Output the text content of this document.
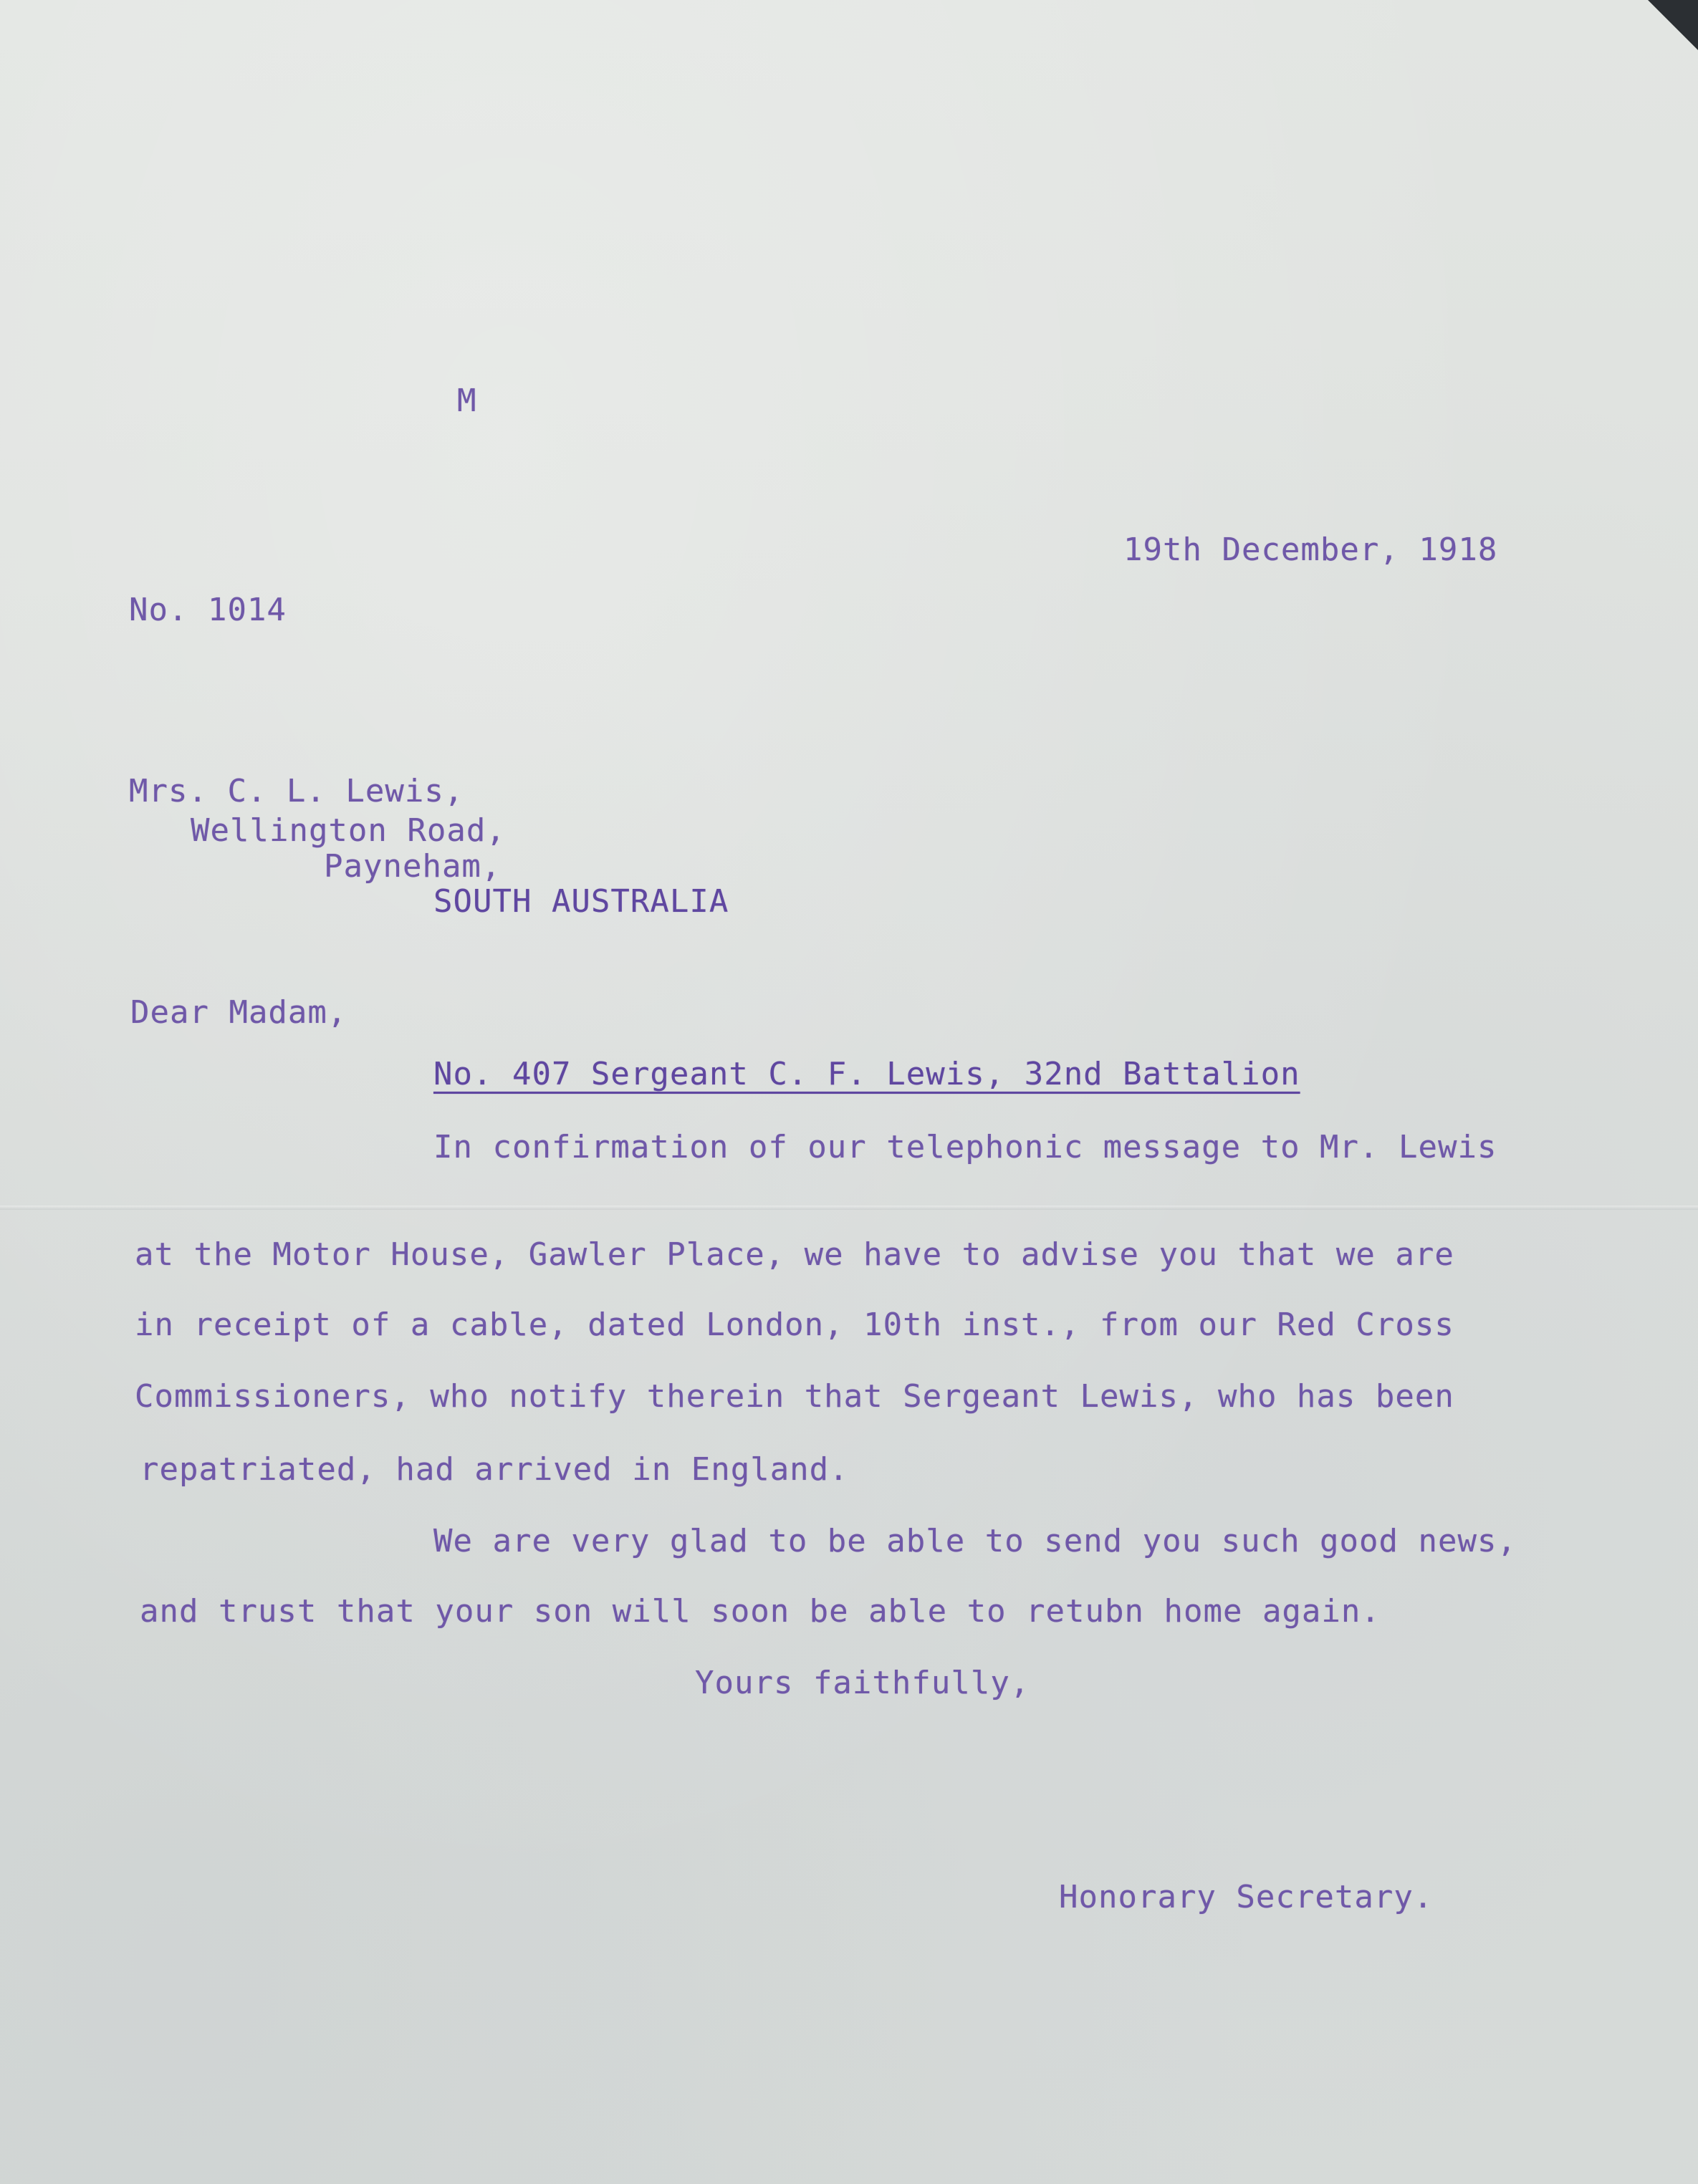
M

19th December, 1918

No. 1014

Mrs. C. L. Lewis,

Wellington Road,

Payneham,

SOUTH AUSTRALIA

Dear Madam,

No. 407 Sergeant C. F. Lewis, 32nd Battalion

In confirmation of our telephonic message to Mr. Lewis

at the Motor House, Gawler Place, we have to advise you that we are

in receipt of a cable, dated London, 10th inst., from our Red Cross

Commissioners, who notify therein that Sergeant Lewis, who has been

repatriated, had arrived in England.

We are very glad to be able to send you such good news,

and trust that your son will soon be able to retubn home again.

Yours faithfully,

Honorary Secretary.
